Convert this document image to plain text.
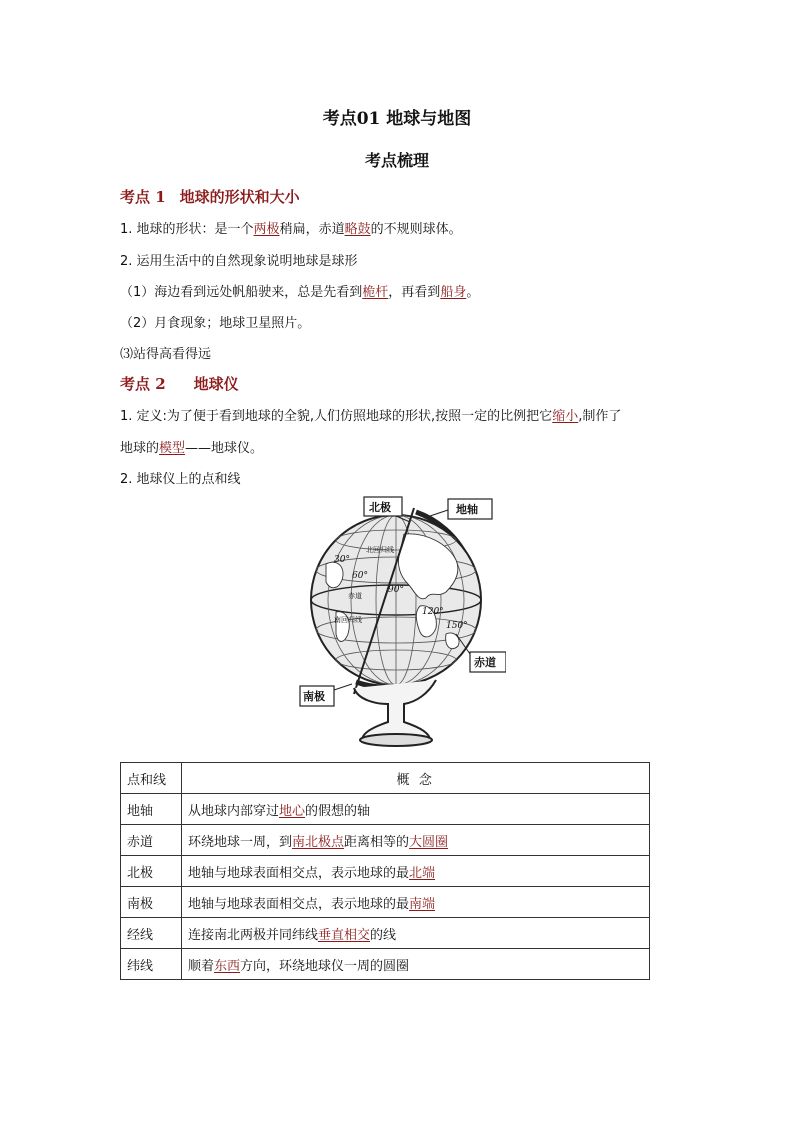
考点01 地球与地图
考点梳理
考点 1 地球的形状和大小
1. 地球的形状：是一个两极稍扁，赤道略鼓的不规则球体。
2. 运用生活中的自然现象说明地球是球形
（1）海边看到远处帆船驶来，总是先看到桅杆，再看到船身。
（2）月食现象；地球卫星照片。
⑶站得高看得远
考点 2 地球仪
1. 定义:为了便于看到地球的全貌,人们仿照地球的形状,按照一定的比例把它缩小,制作了
地球的模型——地球仪。
2. 地球仪上的点和线
30°
60°
90°
120°
150°
北回归线
赤道
南回归线
北极	地轴
赤道
南极
点和线	概 念
地轴	从地球内部穿过地心的假想的轴
赤道	环绕地球一周，到南北极点距离相等的大圆圈
北极	地轴与地球表面相交点，表示地球的最北端
南极	地轴与地球表面相交点，表示地球的最南端
经线	连接南北两极并同纬线垂直相交的线
纬线	顺着东西方向，环绕地球仪一周的圆圈
